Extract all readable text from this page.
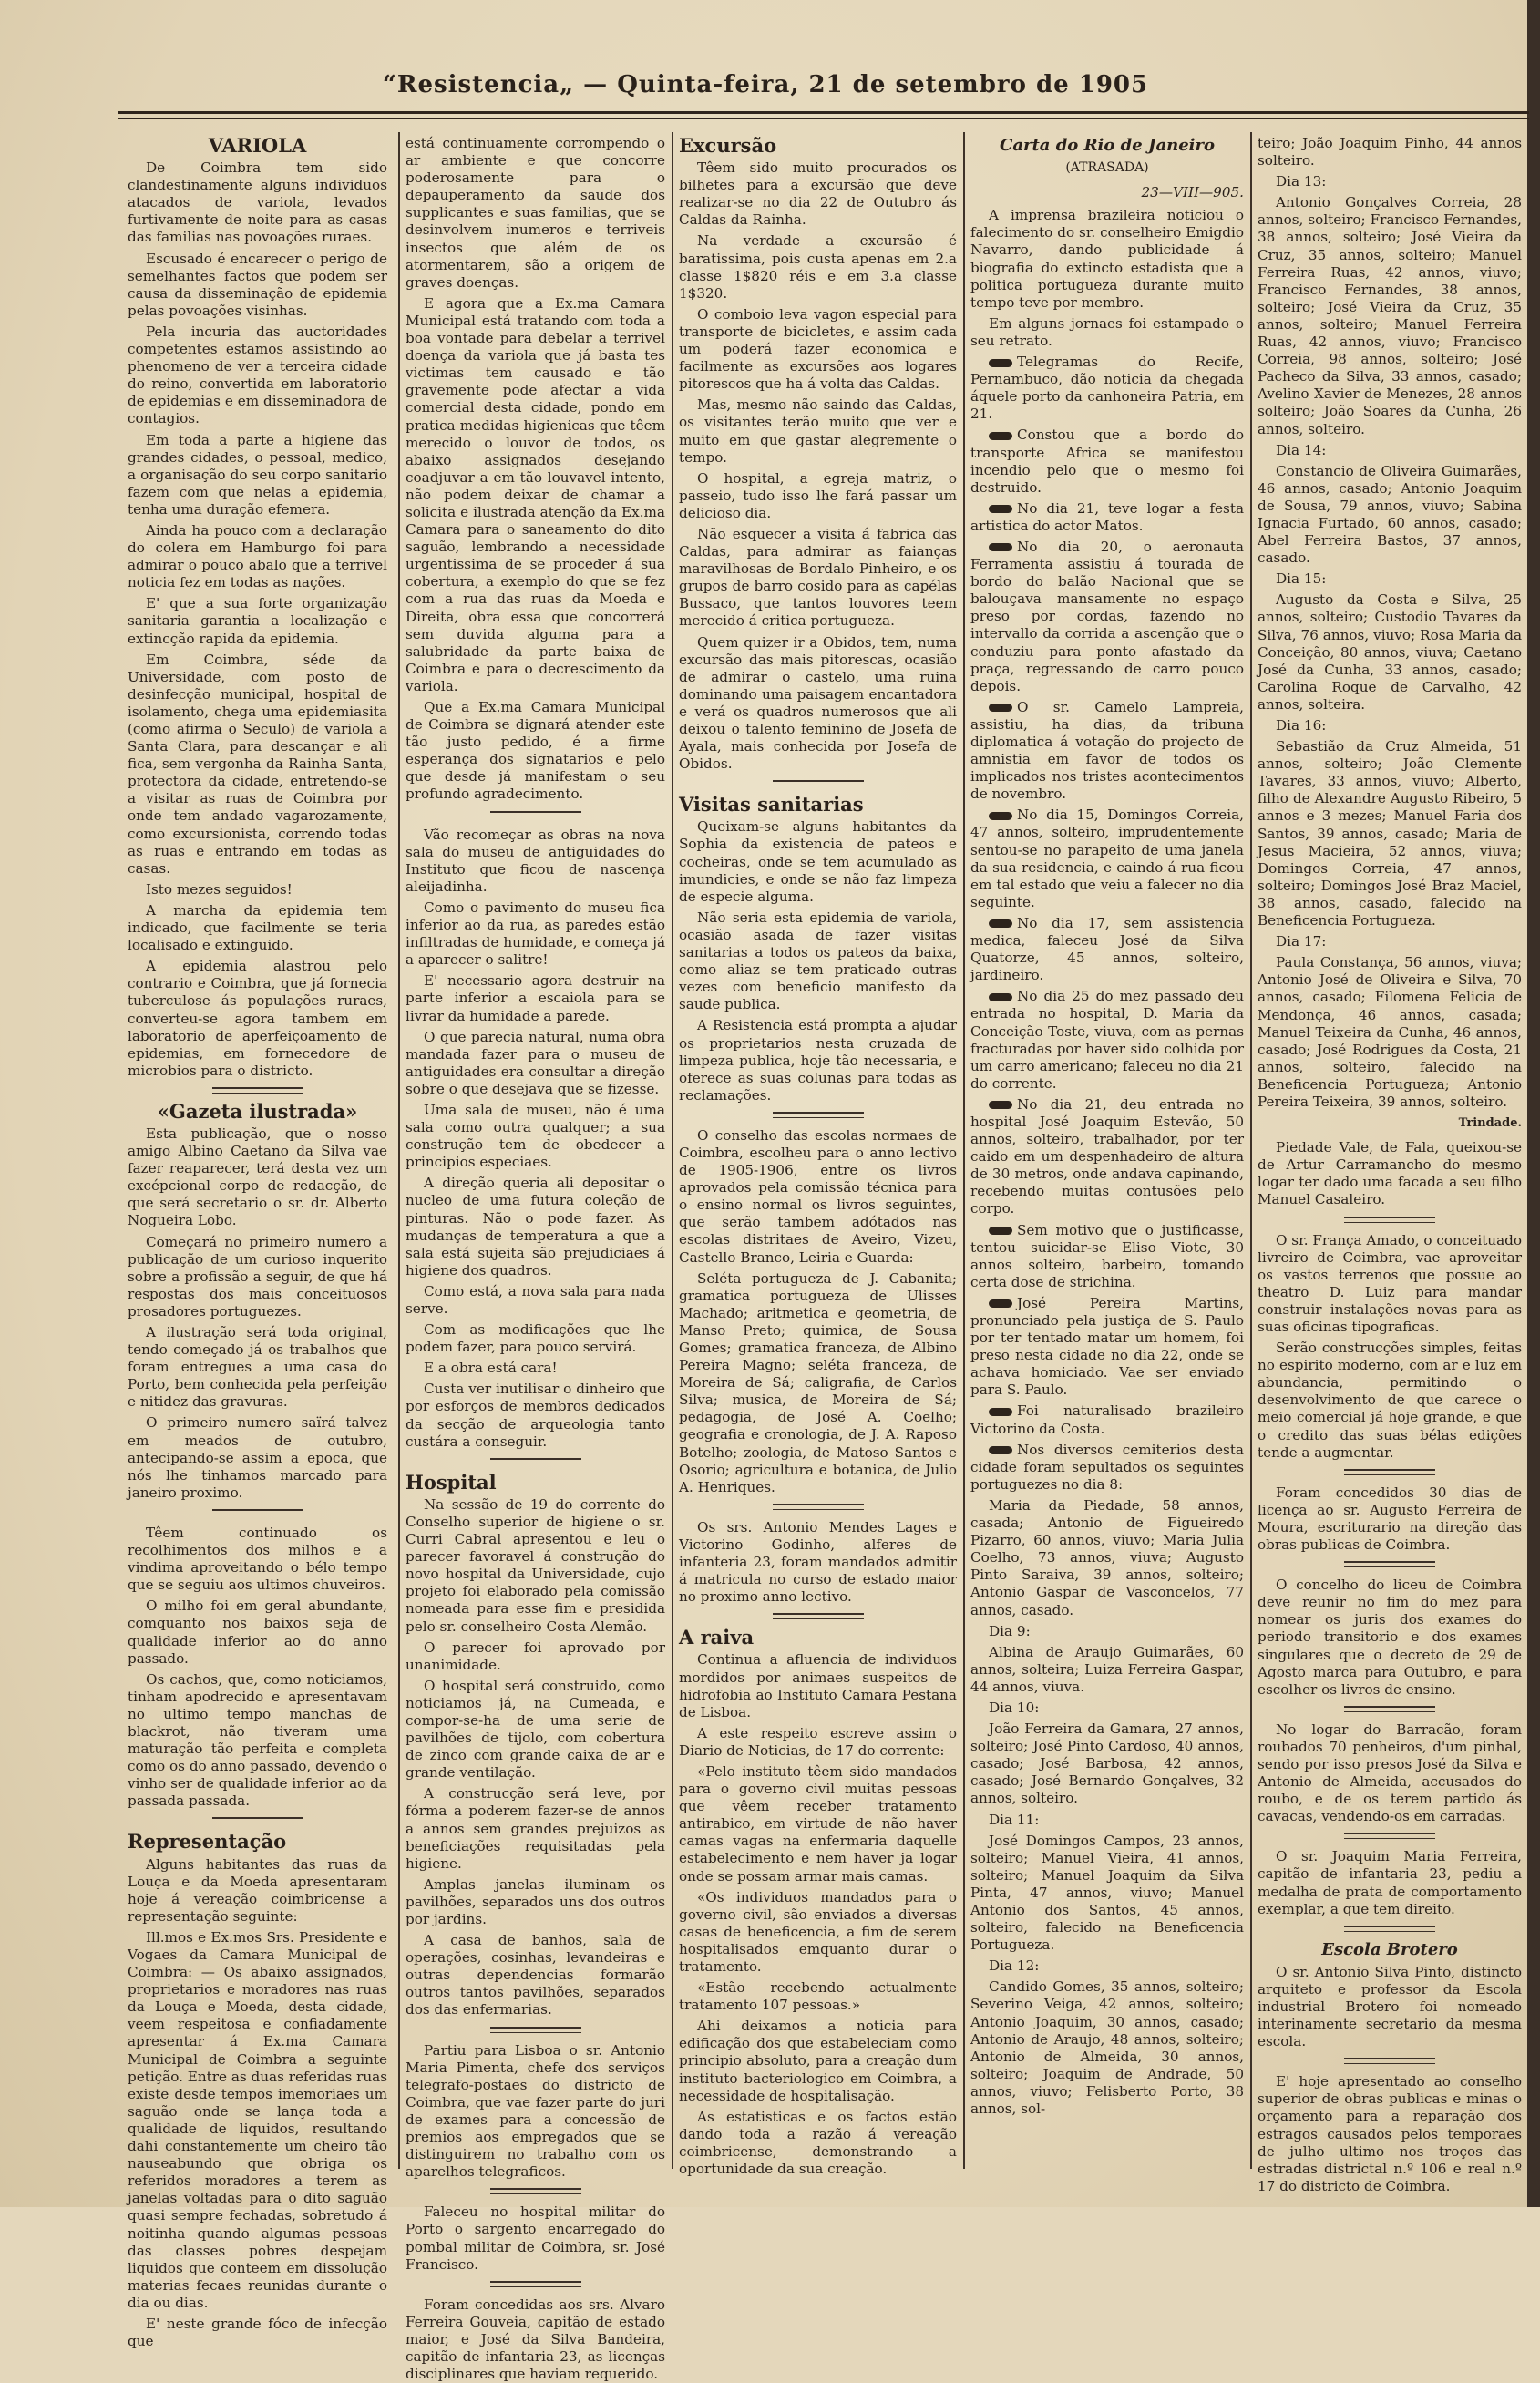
“Resistencia„ — Quinta-feira, 21 de setembro de 1905
VARIOLA

De Coimbra tem sido clandestinamente alguns individuos atacados de variola, levados furtivamente de noite para as casas das familias nas povoações ruraes.

Escusado é encarecer o perigo de semelhantes factos que podem ser causa da disseminação de epidemia pelas povoações visinhas.

Pela incuria das auctoridades competentes estamos assistindo ao phenomeno de ver a terceira cidade do reino, convertida em laboratorio de epidemias e em disseminadora de contagios.

Em toda a parte a higiene das grandes cidades, o pessoal, medico, a organisação do seu corpo sanitario fazem com que nelas a epidemia, tenha uma duração efemera.

Ainda ha pouco com a declaração do colera em Hamburgo foi para admirar o pouco abalo que a terrivel noticia fez em todas as nações.

E' que a sua forte organização sanitaria garantia a localização e extincção rapida da epidemia.

Em Coimbra, séde da Universidade, com posto de desinfecção municipal, hospital de isolamento, chega uma epidemiasita (como afirma o Seculo) de variola a Santa Clara, para descançar e ali fica, sem vergonha da Rainha Santa, protectora da cidade, entretendo-se a visitar as ruas de Coimbra por onde tem andado vagarozamente, como excursionista, correndo todas as ruas e entrando em todas as casas.

Isto mezes seguidos!

A marcha da epidemia tem indicado, que facilmente se teria localisado e extinguido.

A epidemia alastrou pelo contrario e Coimbra, que já fornecia tuberculose ás populações ruraes, converteu-se agora tambem em laboratorio de aperfeiçoamento de epidemias, em fornecedore de microbios para o districto.

«Gazeta ilustrada»

Esta publicação, que o nosso amigo Albino Caetano da Silva vae fazer reaparecer, terá desta vez um excépcional corpo de redacção, de que será secretario o sr. dr. Alberto Nogueira Lobo.

Começará no primeiro numero a publicação de um curioso inquerito sobre a profissão a seguir, de que há respostas dos mais conceituosos prosadores portuguezes.

A ilustração será toda original, tendo começado já os trabalhos que foram entregues a uma casa do Porto, bem conhecida pela perfeição e nitidez das gravuras.

O primeiro numero saïrá talvez em meados de outubro, antecipando-se assim a epoca, que nós lhe tinhamos marcado para janeiro proximo.

Têem continuado os recolhimentos dos milhos e a vindima aproveitando o bélo tempo que se seguiu aos ultimos chuveiros.

O milho foi em geral abundante, comquanto nos baixos seja de qualidade inferior ao do anno passado.

Os cachos, que, como noticiamos, tinham apodrecido e apresentavam no ultimo tempo manchas de blackrot, não tiveram uma maturação tão perfeita e completa como os do anno passado, devendo o vinho ser de qualidade inferior ao da passada passada.

Representação

Alguns habitantes das ruas da Louça e da Moeda apresentaram hoje á vereação coimbricense a representação seguinte:

Ill.mos e Ex.mos Srs. Presidente e Vogaes da Camara Municipal de Coimbra: — Os abaixo assignados, proprietarios e moradores nas ruas da Louça e Moeda, desta cidade, veem respeitosa e confiadamente apresentar á Ex.ma Camara Municipal de Coimbra a seguinte petição. Entre as duas referidas ruas existe desde tempos imemoriaes um saguão onde se lança toda a qualidade de liquidos, resultando dahi constantemente um cheiro tão nauseabundo que obriga os referidos moradores a terem as janelas voltadas para o dito saguão quasi sempre fechadas, sobretudo á noitinha quando algumas pessoas das classes pobres despejam liquidos que conteem em dissolução materias fecaes reunidas durante o dia ou dias.

E' neste grande fóco de infecção que

está continuamente corrompendo o ar ambiente e que concorre poderosamente para o depauperamento da saude dos supplicantes e suas familias, que se desinvolvem inumeros e terriveis insectos que além de os atormentarem, são a origem de graves doenças.

E agora que a Ex.ma Camara Municipal está tratando com toda a boa vontade para debelar a terrivel doença da variola que já basta tes victimas tem causado e tão gravemente pode afectar a vida comercial desta cidade, pondo em pratica medidas higienicas que têem merecido o louvor de todos, os abaixo assignados desejando coadjuvar a em tão louvavel intento, não podem deixar de chamar a solicita e ilustrada atenção da Ex.ma Camara para o saneamento do dito saguão, lembrando a necessidade urgentissima de se proceder á sua cobertura, a exemplo do que se fez com a rua das ruas da Moeda e Direita, obra essa que concorrerá sem duvida alguma para a salubridade da parte baixa de Coimbra e para o decrescimento da variola.

Que a Ex.ma Camara Municipal de Coimbra se dignará atender este tão justo pedido, é a firme esperança dos signatarios e pelo que desde já manifestam o seu profundo agradecimento.

Vão recomeçar as obras na nova sala do museu de antiguidades do Instituto que ficou de nascença aleijadinha.

Como o pavimento do museu fica inferior ao da rua, as paredes estão infiltradas de humidade, e começa já a aparecer o salitre!

E' necessario agora destruir na parte inferior a escaiola para se livrar da humidade a parede.

O que parecia natural, numa obra mandada fazer para o museu de antiguidades era consultar a direção sobre o que desejava que se fizesse.

Uma sala de museu, não é uma sala como outra qualquer; a sua construção tem de obedecer a principios especiaes.

A direção queria ali depositar o nucleo de uma futura coleção de pinturas. Não o pode fazer. As mudanças de temperatura a que a sala está sujeita são prejudiciaes á higiene dos quadros.

Como está, a nova sala para nada serve.

Com as modificações que lhe podem fazer, para pouco servirá.

E a obra está cara!

Custa ver inutilisar o dinheiro que por esforços de membros dedicados da secção de arqueologia tanto custára a conseguir.

Hospital

Na sessão de 19 do corrente do Conselho superior de higiene o sr. Curri Cabral apresentou e leu o parecer favoravel á construção do novo hospital da Universidade, cujo projeto foi elaborado pela comissão nomeada para esse fim e presidida pelo sr. conselheiro Costa Alemão.

O parecer foi aprovado por unanimidade.

O hospital será construido, como noticiamos já, na Cumeada, e compor-se-ha de uma serie de pavilhões de tijolo, com cobertura de zinco com grande caixa de ar e grande ventilação.

A construcção será leve, por fórma a poderem fazer-se de annos a annos sem grandes prejuizos as beneficiações requisitadas pela higiene.

Amplas janelas iluminam os pavilhões, separados uns dos outros por jardins.

A casa de banhos, sala de operações, cosinhas, levandeiras e outras dependencias formarão outros tantos pavilhões, separados dos das enfermarias.

Partiu para Lisboa o sr. Antonio Maria Pimenta, chefe dos serviços telegrafo-postaes do districto de Coimbra, que vae fazer parte do juri de exames para a concessão de premios aos empregados que se distinguirem no trabalho com os aparelhos telegraficos.

Faleceu no hospital militar do Porto o sargento encarregado do pombal militar de Coimbra, sr. José Francisco.

Foram concedidas aos srs. Alvaro Ferreira Gouveia, capitão de estado maior, e José da Silva Bandeira, capitão de infantaria 23, as licenças disciplinares que haviam requerido.

Excursão

Têem sido muito procurados os bilhetes para a excursão que deve realizar-se no dia 22 de Outubro ás Caldas da Rainha.

Na verdade a excursão é baratissima, pois custa apenas em 2.a classe 1$820 réis e em 3.a classe 1$320.

O comboio leva vagon especial para transporte de bicicletes, e assim cada um poderá fazer economica e facilmente as excursões aos logares pitorescos que ha á volta das Caldas.

Mas, mesmo não saindo das Caldas, os visitantes terão muito que ver e muito em que gastar alegremente o tempo.

O hospital, a egreja matriz, o passeio, tudo isso lhe fará passar um delicioso dia.

Não esquecer a visita á fabrica das Caldas, para admirar as faianças maravilhosas de Bordalo Pinheiro, e os grupos de barro cosido para as capélas Bussaco, que tantos louvores teem merecido á critica portugueza.

Quem quizer ir a Obidos, tem, numa excursão das mais pitorescas, ocasião de admirar o castelo, uma ruina dominando uma paisagem encantadora e verá os quadros numerosos que ali deixou o talento feminino de Josefa de Ayala, mais conhecida por Josefa de Obidos.

Visitas sanitarias

Queixam-se alguns habitantes da Sophia da existencia de pateos e cocheiras, onde se tem acumulado as imundicies, e onde se não faz limpeza de especie alguma.

Não seria esta epidemia de variola, ocasião asada de fazer visitas sanitarias a todos os pateos da baixa, como aliaz se tem praticado outras vezes com beneficio manifesto da saude publica.

A Resistencia está prompta a ajudar os proprietarios nesta cruzada de limpeza publica, hoje tão necessaria, e oferece as suas colunas para todas as reclamações.

O conselho das escolas normaes de Coimbra, escolheu para o anno lectivo de 1905-1906, entre os livros aprovados pela comissão técnica para o ensino normal os livros seguintes, que serão tambem adótados nas escolas distritaes de Aveiro, Vizeu, Castello Branco, Leiria e Guarda:

Seléta portugueza de J. Cabanita; gramatica portugueza de Ulisses Machado; aritmetica e geometria, de Manso Preto; quimica, de Sousa Gomes; gramatica franceza, de Albino Pereira Magno; seléta franceza, de Moreira de Sá; caligrafia, de Carlos Silva; musica, de Moreira de Sá; pedagogia, de José A. Coelho; geografia e cronologia, de J. A. Raposo Botelho; zoologia, de Matoso Santos e Osorio; agricultura e botanica, de Julio A. Henriques.

Os srs. Antonio Mendes Lages e Victorino Godinho, alferes de infanteria 23, foram mandados admitir á matricula no curso de estado maior no proximo anno lectivo.

A raiva

Continua a afluencia de individuos mordidos por animaes suspeitos de hidrofobia ao Instituto Camara Pestana de Lisboa.

A este respeito escreve assim o Diario de Noticias, de 17 do corrente:

«Pelo instituto têem sido mandados para o governo civil muitas pessoas que vêem receber tratamento antirabico, em virtude de não haver camas vagas na enfermaria daquelle estabelecimento e nem haver ja logar onde se possam armar mais camas.

«Os individuos mandados para o governo civil, são enviados a diversas casas de beneficencia, a fim de serem hospitalisados emquanto durar o tratamento.

«Estão recebendo actualmente tratamento 107 pessoas.»

Ahi deixamos a noticia para edificação dos que estabeleciam como principio absoluto, para a creação dum instituto bacteriologico em Coimbra, a necessidade de hospitalisação.

As estatisticas e os factos estão dando toda a razão á vereação coimbricense, demonstrando a oportunidade da sua creação.

Carta do Rio de Janeiro
(ATRASADA)
23—VIII—905.

A imprensa brazileira noticiou o falecimento do sr. conselheiro Emigdio Navarro, dando publicidade á biografia do extincto estadista que a politica portugueza durante muito tempo teve por membro.

Em alguns jornaes foi estampado o seu retrato.

Telegramas do Recife, Pernambuco, dão noticia da chegada áquele porto da canhoneira Patria, em 21.

Constou que a bordo do transporte Africa se manifestou incendio pelo que o mesmo foi destruido.

No dia 21, teve logar a festa artistica do actor Matos.

No dia 20, o aeronauta Ferramenta assistiu á tourada de bordo do balão Nacional que se balouçava mansamente no espaço preso por cordas, fazendo no intervallo da corrida a ascenção que o conduziu para ponto afastado da praça, regressando de carro pouco depois.

O sr. Camelo Lampreia, assistiu, ha dias, da tribuna diplomatica á votação do projecto de amnistia em favor de todos os implicados nos tristes acontecimentos de novembro.

No dia 15, Domingos Correia, 47 annos, solteiro, imprudentemente sentou-se no parapeito de uma janela da sua residencia, e caindo á rua ficou em tal estado que veiu a falecer no dia seguinte.

No dia 17, sem assistencia medica, faleceu José da Silva Quatorze, 45 annos, solteiro, jardineiro.

No dia 25 do mez passado deu entrada no hospital, D. Maria da Conceição Toste, viuva, com as pernas fracturadas por haver sido colhida por um carro americano; faleceu no dia 21 do corrente.

No dia 21, deu entrada no hospital José Joaquim Estevão, 50 annos, solteiro, trabalhador, por ter caido em um despenhadeiro de altura de 30 metros, onde andava capinando, recebendo muitas contusões pelo corpo.

Sem motivo que o justificasse, tentou suicidar-se Eliso Viote, 30 annos solteiro, barbeiro, tomando certa dose de strichina.

José Pereira Martins, pronunciado pela justiça de S. Paulo por ter tentado matar um homem, foi preso nesta cidade no dia 22, onde se achava homiciado. Vae ser enviado para S. Paulo.

Foi naturalisado brazileiro Victorino da Costa.

Nos diversos cemiterios desta cidade foram sepultados os seguintes portuguezes no dia 8:

Maria da Piedade, 58 annos, casada; Antonio de Figueiredo Pizarro, 60 annos, viuvo; Maria Julia Coelho, 73 annos, viuva; Augusto Pinto Saraiva, 39 annos, solteiro; Antonio Gaspar de Vasconcelos, 77 annos, casado.

Dia 9:

Albina de Araujo Guimarães, 60 annos, solteira; Luiza Ferreira Gaspar, 44 annos, viuva.

Dia 10:

João Ferreira da Gamara, 27 annos, solteiro; José Pinto Cardoso, 40 annos, casado; José Barbosa, 42 annos, casado; José Bernardo Gonçalves, 32 annos, solteiro.

Dia 11:

José Domingos Campos, 23 annos, solteiro; Manuel Vieira, 41 annos, solteiro; Manuel Joaquim da Silva Pinta, 47 annos, viuvo; Manuel Antonio dos Santos, 45 annos, solteiro, falecido na Beneficencia Portugueza.

Dia 12:

Candido Gomes, 35 annos, solteiro; Severino Veiga, 42 annos, solteiro; Antonio Joaquim, 30 annos, casado; Antonio de Araujo, 48 annos, solteiro; Antonio de Almeida, 30 annos, solteiro; Joaquim de Andrade, 50 annos, viuvo; Felisberto Porto, 38 annos, sol-

teiro; João Joaquim Pinho, 44 annos solteiro.

Dia 13:

Antonio Gonçalves Correia, 28 annos, solteiro; Francisco Fernandes, 38 annos, solteiro; José Vieira da Cruz, 35 annos, solteiro; Manuel Ferreira Ruas, 42 annos, viuvo; Francisco Fernandes, 38 annos, solteiro; José Vieira da Cruz, 35 annos, solteiro; Manuel Ferreira Ruas, 42 annos, viuvo; Francisco Correia, 98 annos, solteiro; José Pacheco da Silva, 33 annos, casado; Avelino Xavier de Menezes, 28 annos solteiro; João Soares da Cunha, 26 annos, solteiro.

Dia 14:

Constancio de Oliveira Guimarães, 46 annos, casado; Antonio Joaquim de Sousa, 79 annos, viuvo; Sabina Ignacia Furtado, 60 annos, casado; Abel Ferreira Bastos, 37 annos, casado.

Dia 15:

Augusto da Costa e Silva, 25 annos, solteiro; Custodio Tavares da Silva, 76 annos, viuvo; Rosa Maria da Conceição, 80 annos, viuva; Caetano José da Cunha, 33 annos, casado; Carolina Roque de Carvalho, 42 annos, solteira.

Dia 16:

Sebastião da Cruz Almeida, 51 annos, solteiro; João Clemente Tavares, 33 annos, viuvo; Alberto, filho de Alexandre Augusto Ribeiro, 5 annos e 3 mezes; Manuel Faria dos Santos, 39 annos, casado; Maria de Jesus Macieira, 52 annos, viuva; Domingos Correia, 47 annos, solteiro; Domingos José Braz Maciel, 38 annos, casado, falecido na Beneficencia Portugueza.

Dia 17:

Paula Constança, 56 annos, viuva; Antonio José de Oliveira e Silva, 70 annos, casado; Filomena Felicia de Mendonça, 46 annos, casada; Manuel Teixeira da Cunha, 46 annos, casado; José Rodrigues da Costa, 21 annos, solteiro, falecido na Beneficencia Portugueza; Antonio Pereira Teixeira, 39 annos, solteiro.

Trindade.

Piedade Vale, de Fala, queixou-se de Artur Carramancho do mesmo logar ter dado uma facada a seu filho Manuel Casaleiro.

O sr. França Amado, o conceituado livreiro de Coimbra, vae aproveitar os vastos terrenos que possue ao theatro D. Luiz para mandar construir instalações novas para as suas oficinas tipograficas.

Serão construcções simples, feitas no espirito moderno, com ar e luz em abundancia, permitindo o desenvolvimento de que carece o meio comercial já hoje grande, e que o credito das suas bélas edições tende a augmentar.

Foram concedidos 30 dias de licença ao sr. Augusto Ferreira de Moura, escriturario na direção das obras publicas de Coimbra.

O concelho do liceu de Coimbra deve reunir no fim do mez para nomear os juris dos exames do periodo transitorio e dos exames singulares que o decreto de 29 de Agosto marca para Outubro, e para escolher os livros de ensino.

No logar do Barracão, foram roubados 70 penheiros, d'um pinhal, sendo por isso presos José da Silva e Antonio de Almeida, accusados do roubo, e de os terem partido ás cavacas, vendendo-os em carradas.

O sr. Joaquim Maria Ferreira, capitão de infantaria 23, pediu a medalha de prata de comportamento exemplar, a que tem direito.

Escola Brotero

O sr. Antonio Silva Pinto, distincto arquiteto e professor da Escola industrial Brotero foi nomeado interinamente secretario da mesma escola.

E' hoje apresentado ao conselho superior de obras publicas e minas o orçamento para a reparação dos estragos causados pelos temporaes de julho ultimo nos troços das estradas districtal n.º 106 e real n.º 17 do districto de Coimbra.
